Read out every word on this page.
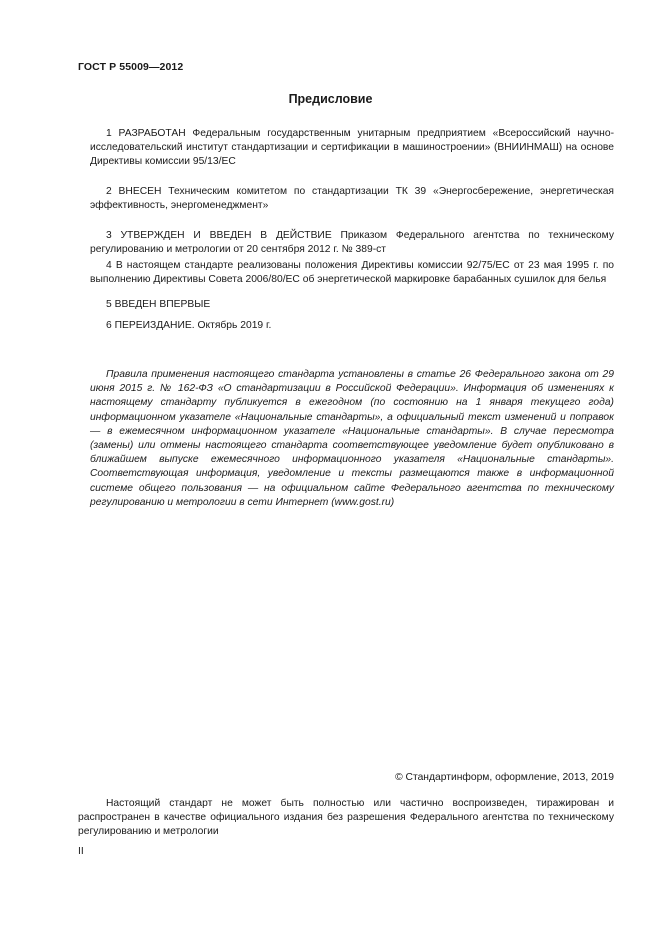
ГОСТ Р 55009—2012
Предисловие

1 РАЗРАБОТАН Федеральным государственным унитарным предприятием «Всероссийский научно-исследовательский институт стандартизации и сертификации в машиностроении» (ВНИИНМАШ) на основе Директивы комиссии 95/13/ЕС

2 ВНЕСЕН Техническим комитетом по стандартизации ТК 39 «Энергосбережение, энергетическая эффективность, энергоменеджмент»

3 УТВЕРЖДЕН И ВВЕДЕН В ДЕЙСТВИЕ Приказом Федерального агентства по техническому регулированию и метрологии от 20 сентября 2012 г. № 389-ст

4 В настоящем стандарте реализованы положения Директивы комиссии 92/75/ЕС от 23 мая 1995 г. по выполнению Директивы Совета 2006/80/ЕС об энергетической маркировке барабанных сушилок для белья

5 ВВЕДЕН ВПЕРВЫЕ

6 ПЕРЕИЗДАНИЕ. Октябрь 2019 г.

Правила применения настоящего стандарта установлены в статье 26 Федерального закона от 29 июня 2015 г. № 162-ФЗ «О стандартизации в Российской Федерации». Информация об изменениях к настоящему стандарту публикуется в ежегодном (по состоянию на 1 января текущего года) информационном указателе «Национальные стандарты», а официальный текст изменений и поправок — в ежемесячном информационном указателе «Национальные стандарты». В случае пересмотра (замены) или отмены настоящего стандарта соответствующее уведомление будет опубликовано в ближайшем выпуске ежемесячного информационного указателя «Национальные стандарты». Соответствующая информация, уведомление и тексты размещаются также в информационной системе общего пользования — на официальном сайте Федерального агентства по техническому регулированию и метрологии в сети Интернет (www.gost.ru)

© Стандартинформ, оформление, 2013, 2019

Настоящий стандарт не может быть полностью или частично воспроизведен, тиражирован и распространен в качестве официального издания без разрешения Федерального агентства по техническому регулированию и метрологии

II
